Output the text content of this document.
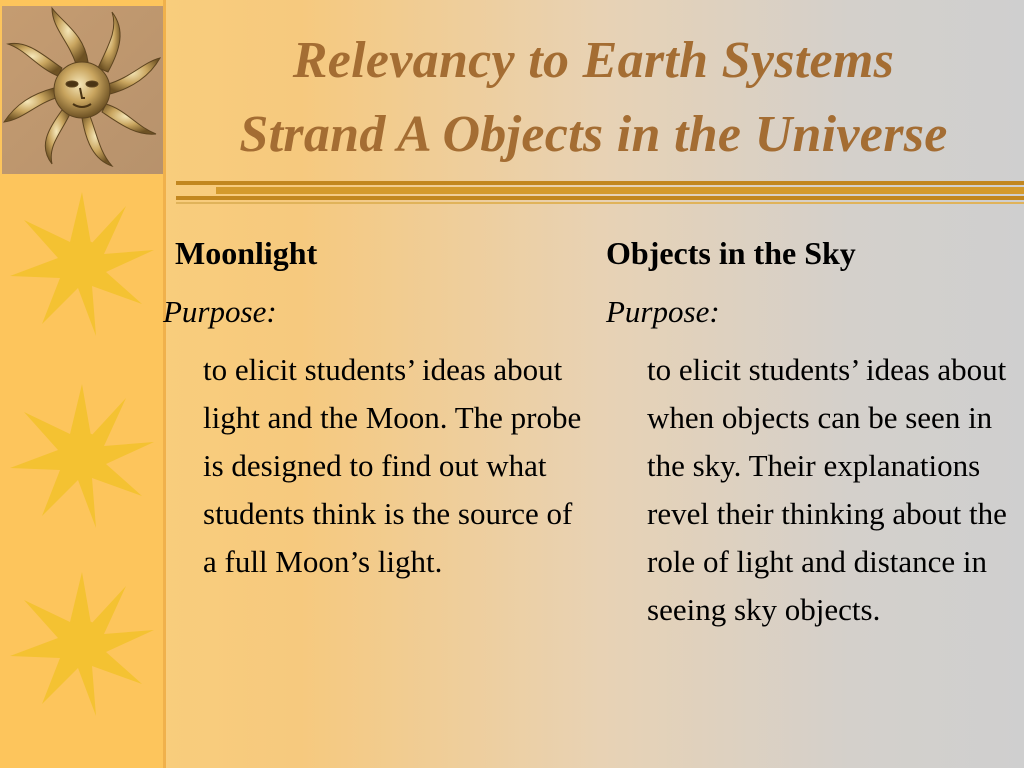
Relevancy to Earth Systems
Strand A Objects in the Universe
Moonlight
Purpose:
to elicit students’ ideas about light and the Moon. The probe is designed to find out what students think is the source of a full Moon’s light.
Objects in the Sky
Purpose:
to elicit students’ ideas about when objects can be seen in the sky. Their explanations revel their thinking about the role of light and distance in seeing sky objects.
